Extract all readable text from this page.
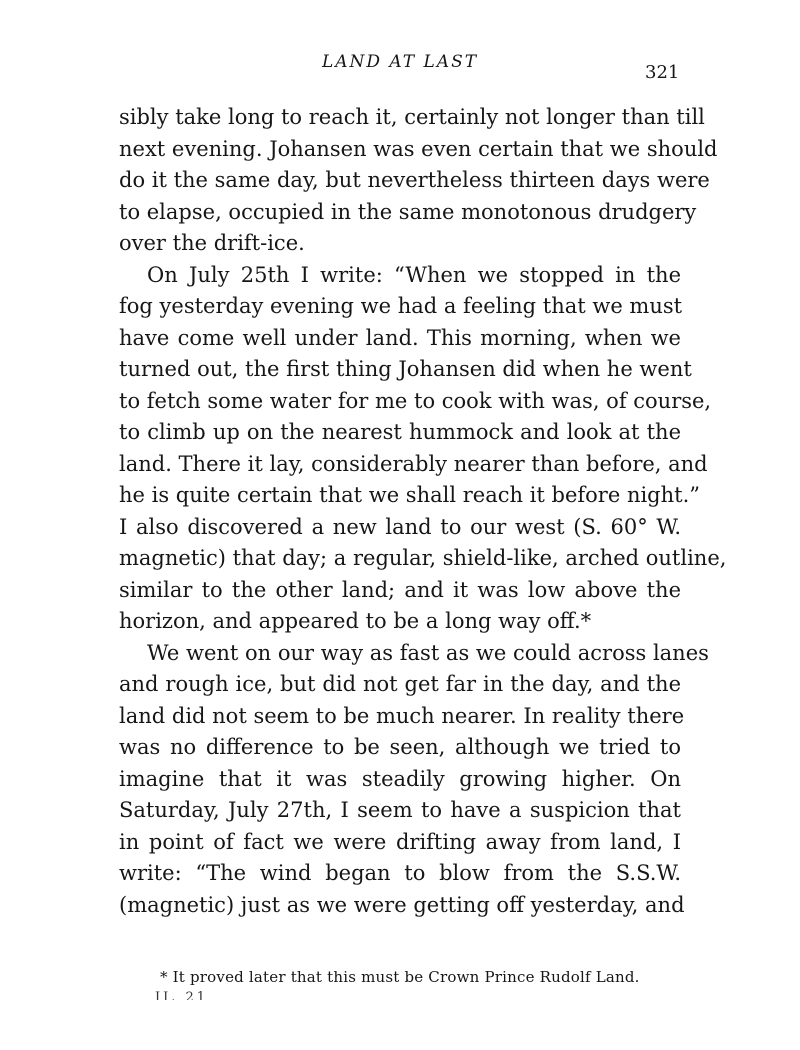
LAND AT LAST	321
sibly take long to reach it, certainly not longer than till
next evening. Johansen was even certain that we should
do it the same day, but nevertheless thirteen days were
to elapse, occupied in the same monotonous drudgery
over the drift-ice.
On July 25th I write: “When we stopped in the
fog yesterday evening we had a feeling that we must
have come well under land. This morning, when we
turned out, the first thing Johansen did when he went
to fetch some water for me to cook with was, of course,
to climb up on the nearest hummock and look at the
land. There it lay, considerably nearer than before, and
he is quite certain that we shall reach it before night.”
I also discovered a new land to our west (S. 60° W.
magnetic) that day; a regular, shield-like, arched outline,
similar to the other land; and it was low above the
horizon, and appeared to be a long way off.*
We went on our way as fast as we could across lanes
and rough ice, but did not get far in the day, and the
land did not seem to be much nearer. In reality there
was no difference to be seen, although we tried to
imagine that it was steadily growing higher. On
Saturday, July 27th, I seem to have a suspicion that
in point of fact we were drifting away from land, I
write: “The wind began to blow from the S.S.W.
(magnetic) just as we were getting off yesterday, and
* It proved later that this must be Crown Prince Rudolf Land.
II. 21
